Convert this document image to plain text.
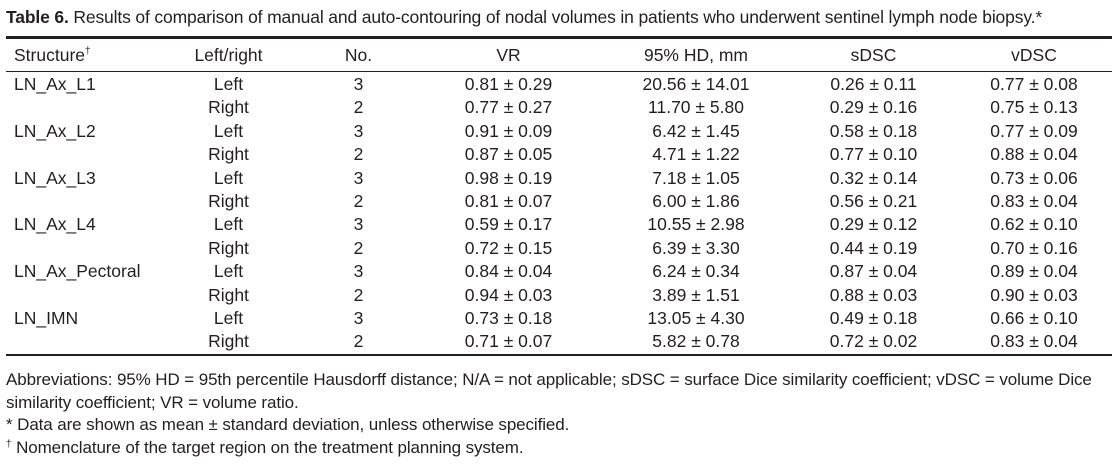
Table 6. Results of comparison of manual and auto-contouring of nodal volumes in patients who underwent sentinel lymph node biopsy.*
Structure†	Left/right	No.	VR	95% HD, mm	sDSC	vDSC
LN_Ax_L1	Left	3	0.81 ± 0.29	20.56 ± 14.01	0.26 ± 0.11	0.77 ± 0.08
	Right	2	0.77 ± 0.27	11.70 ± 5.80	0.29 ± 0.16	0.75 ± 0.13
LN_Ax_L2	Left	3	0.91 ± 0.09	6.42 ± 1.45	0.58 ± 0.18	0.77 ± 0.09
	Right	2	0.87 ± 0.05	4.71 ± 1.22	0.77 ± 0.10	0.88 ± 0.04
LN_Ax_L3	Left	3	0.98 ± 0.19	7.18 ± 1.05	0.32 ± 0.14	0.73 ± 0.06
	Right	2	0.81 ± 0.07	6.00 ± 1.86	0.56 ± 0.21	0.83 ± 0.04
LN_Ax_L4	Left	3	0.59 ± 0.17	10.55 ± 2.98	0.29 ± 0.12	0.62 ± 0.10
	Right	2	0.72 ± 0.15	6.39 ± 3.30	0.44 ± 0.19	0.70 ± 0.16
LN_Ax_Pectoral	Left	3	0.84 ± 0.04	6.24 ± 0.34	0.87 ± 0.04	0.89 ± 0.04
	Right	2	0.94 ± 0.03	3.89 ± 1.51	0.88 ± 0.03	0.90 ± 0.03
LN_IMN	Left	3	0.73 ± 0.18	13.05 ± 4.30	0.49 ± 0.18	0.66 ± 0.10
	Right	2	0.71 ± 0.07	5.82 ± 0.78	0.72 ± 0.02	0.83 ± 0.04

Abbreviations: 95% HD = 95th percentile Hausdorff distance; N/A = not applicable; sDSC = surface Dice similarity coefficient; vDSC = volume Dice similarity coefficient; VR = volume ratio.

* Data are shown as mean ± standard deviation, unless otherwise specified.

† Nomenclature of the target region on the treatment planning system.
